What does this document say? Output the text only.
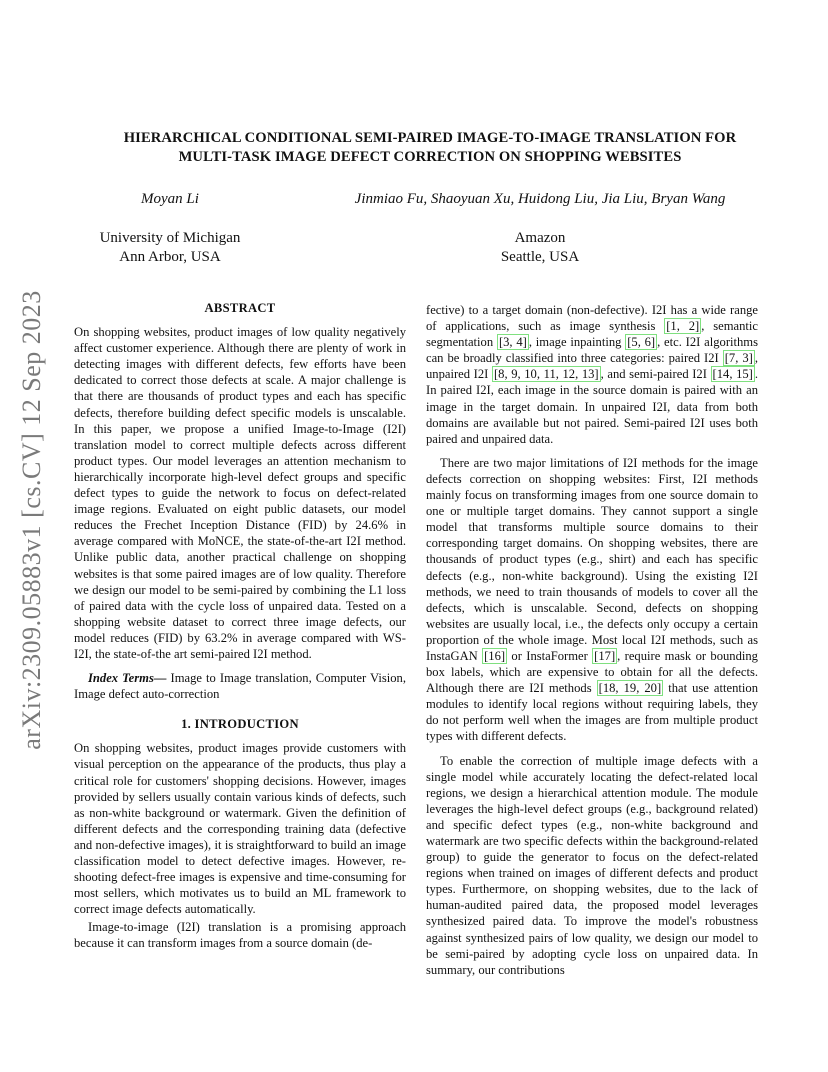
arXiv:2309.05883v1 [cs.CV] 12 Sep 2023
HIERARCHICAL CONDITIONAL SEMI-PAIRED IMAGE-TO-IMAGE TRANSLATION FOR
MULTI-TASK IMAGE DEFECT CORRECTION ON SHOPPING WEBSITES
Moyan Li	Jinmiao Fu, Shaoyuan Xu, Huidong Liu, Jia Liu, Bryan Wang
University of Michigan
Ann Arbor, USA
Amazon
Seattle, USA
ABSTRACT

On shopping websites, product images of low quality negatively affect customer experience. Although there are plenty of work in detecting images with different defects, few efforts have been dedicated to correct those defects at scale. A major challenge is that there are thousands of product types and each has specific defects, therefore building defect specific models is unscalable. In this paper, we propose a unified Image-to-Image (I2I) translation model to correct multiple defects across different product types. Our model leverages an attention mechanism to hierarchically incorporate high-level defect groups and specific defect types to guide the network to focus on defect-related image regions. Evaluated on eight public datasets, our model reduces the Frechet Inception Distance (FID) by 24.6% in average compared with MoNCE, the state-of-the-art I2I method. Unlike public data, another practical challenge on shopping websites is that some paired images are of low quality. Therefore we design our model to be semi-paired by combining the L1 loss of paired data with the cycle loss of unpaired data. Tested on a shopping website dataset to correct three image defects, our model reduces (FID) by 63.2% in average compared with WS-I2I, the state-of-the art semi-paired I2I method.

Index Terms— Image to Image translation, Computer Vision, Image defect auto-correction

1. INTRODUCTION

On shopping websites, product images provide customers with visual perception on the appearance of the products, thus play a critical role for customers' shopping decisions. However, images provided by sellers usually contain various kinds of defects, such as non-white background or watermark. Given the definition of different defects and the corresponding training data (defective and non-defective images), it is straightforward to build an image classification model to detect defective images. However, re-shooting defect-free images is expensive and time-consuming for most sellers, which motivates us to build an ML framework to correct image defects automatically.

Image-to-image (I2I) translation is a promising approach because it can transform images from a source domain (de-

fective) to a target domain (non-defective). I2I has a wide range of applications, such as image synthesis [1, 2] , semantic segmentation [3, 4] , image inpainting [5, 6] , etc. I2I algorithms can be broadly classified into three categories: paired I2I [7, 3] , unpaired I2I [8, 9, 10, 11, 12, 13] , and semi-paired I2I [14, 15] . In paired I2I, each image in the source domain is paired with an image in the target domain. In unpaired I2I, data from both domains are available but not paired. Semi-paired I2I uses both paired and unpaired data.

There are two major limitations of I2I methods for the image defects correction on shopping websites: First, I2I methods mainly focus on transforming images from one source domain to one or multiple target domains. They cannot support a single model that transforms multiple source domains to their corresponding target domains. On shopping websites, there are thousands of product types (e.g., shirt) and each has specific defects (e.g., non-white background). Using the existing I2I methods, we need to train thousands of models to cover all the defects, which is unscalable. Second, defects on shopping websites are usually local, i.e., the defects only occupy a certain proportion of the whole image. Most local I2I methods, such as InstaGAN [16] or InstaFormer [17] , require mask or bounding box labels, which are expensive to obtain for all the defects. Although there are I2I methods [18, 19, 20] that use attention modules to identify local regions without requiring labels, they do not perform well when the images are from multiple product types with different defects.

To enable the correction of multiple image defects with a single model while accurately locating the defect-related local regions, we design a hierarchical attention module. The module leverages the high-level defect groups (e.g., background related) and specific defect types (e.g., non-white background and watermark are two specific defects within the background-related group) to guide the generator to focus on the defect-related regions when trained on images of different defects and product types. Furthermore, on shopping websites, due to the lack of human-audited paired data, the proposed model leverages synthesized paired data. To improve the model's robustness against synthesized pairs of low quality, we design our model to be semi-paired by adopting cycle loss on unpaired data. In summary, our contributions
